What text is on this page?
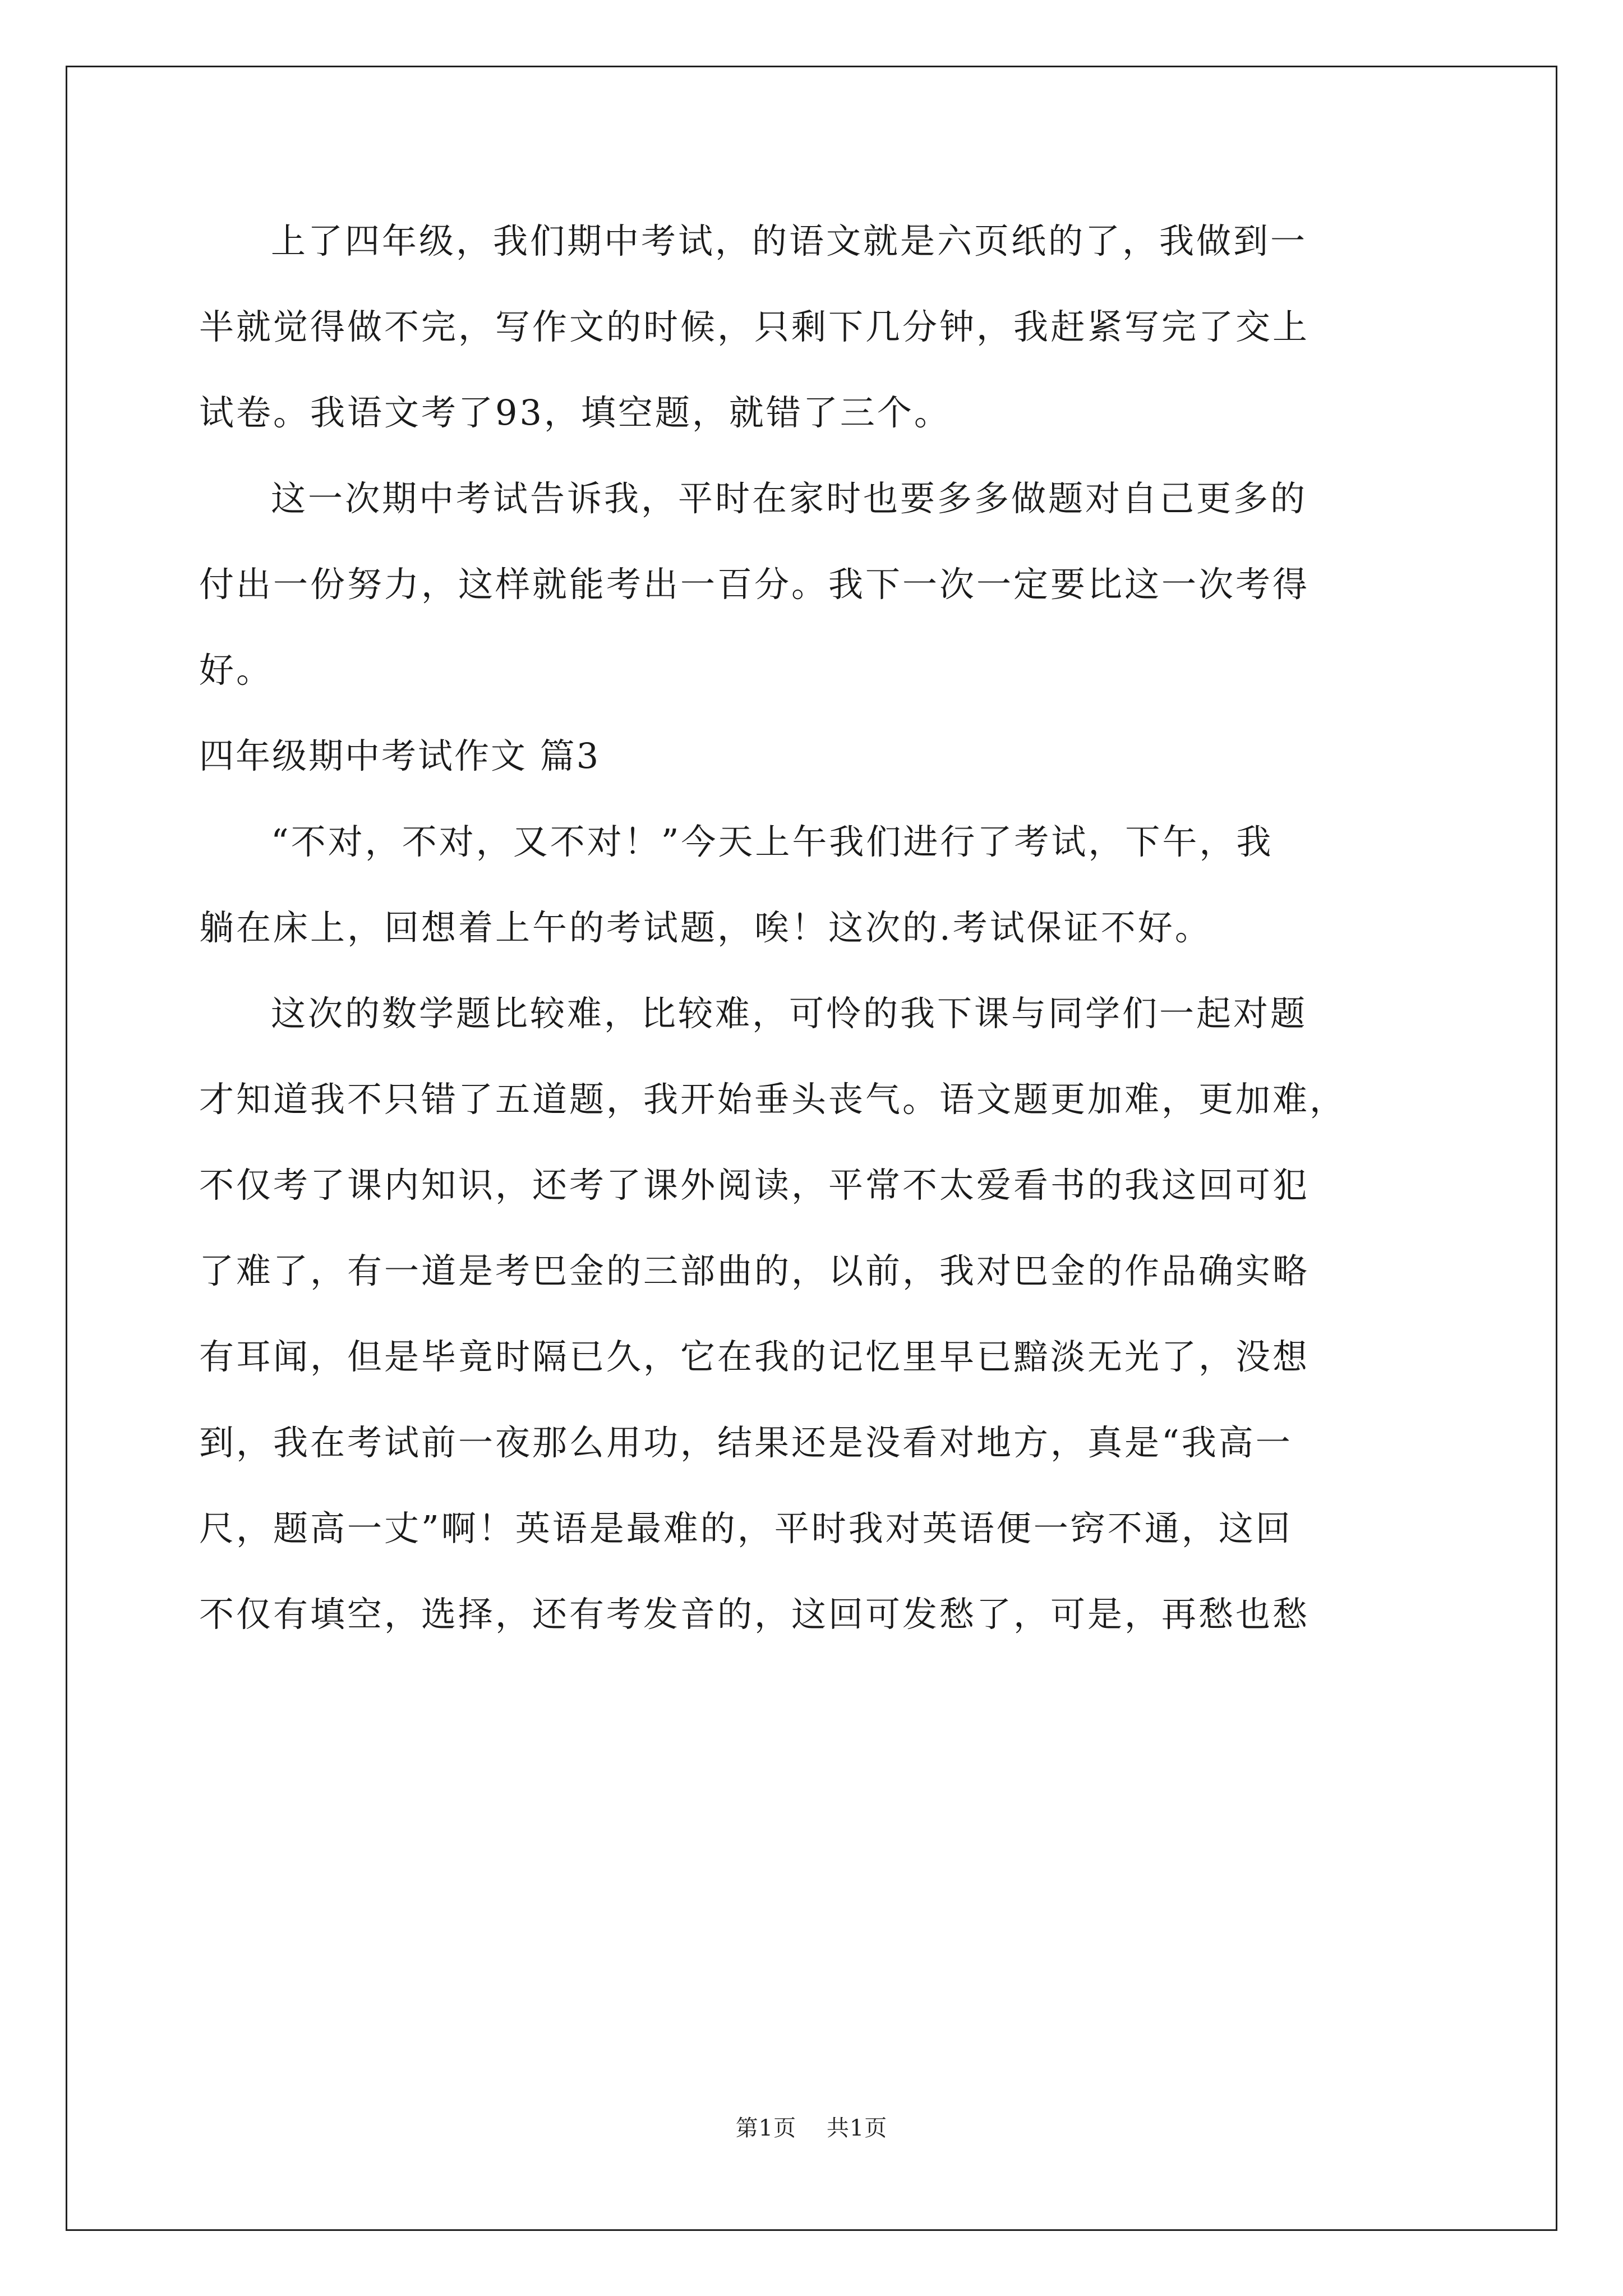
上了四年级，我们期中考试，的语文就是六页纸的了，我做到一
半就觉得做不完，写作文的时候，只剩下几分钟，我赶紧写完了交上
试卷。我语文考了93，填空题，就错了三个。
这一次期中考试告诉我，平时在家时也要多多做题对自己更多的
付出一份努力，这样就能考出一百分。我下一次一定要比这一次考得
好。
四年级期中考试作文 篇3
“不对，不对，又不对！”今天上午我们进行了考试，下午，我
躺在床上，回想着上午的考试题，唉！这次的.考试保证不好。
这次的数学题比较难，比较难，可怜的我下课与同学们一起对题
才知道我不只错了五道题，我开始垂头丧气。语文题更加难，更加难，
不仅考了课内知识，还考了课外阅读，平常不太爱看书的我这回可犯
了难了，有一道是考巴金的三部曲的，以前，我对巴金的作品确实略
有耳闻，但是毕竟时隔已久，它在我的记忆里早已黯淡无光了，没想
到，我在考试前一夜那么用功，结果还是没看对地方，真是“我高一
尺，题高一丈”啊！英语是最难的，平时我对英语便一窍不通，这回
不仅有填空，选择，还有考发音的，这回可发愁了，可是，再愁也愁
第1页 共1页
